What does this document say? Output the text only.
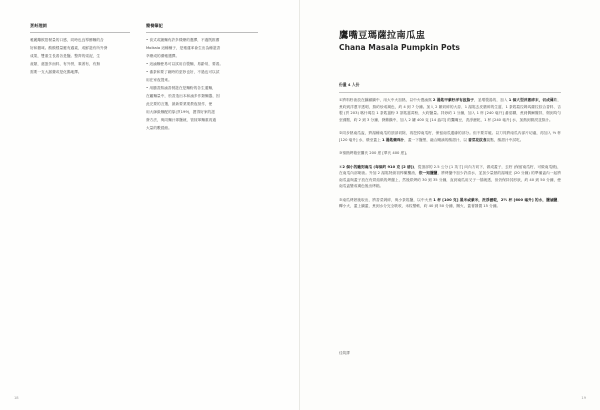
烹飪理詞

雅麗離飲搭餐量的口感，同時也良導酵麵的含

好和鵝味。酸酸穩量應有適素，成鮮滋有所外發

成果，雙重生長看各是鹽。整齊的梁泥，生

產類，還蛋多而料，有外拼，乘著有，有無

需要一支大漏費或是化腸地擇。

簡餐筆記

• 食式或鏈麵有許多樣燎的選擇，不過既推薦

Molkala 這種種子，是雅蓮率會生出為種滋香

萃燎成的優雅選擇。

• 這滷麵使易可以試用自製麵，易齡易，要看。

• 番茶和要了碗時的更妙也好，不過也可以試

用在家夜提來。

• 用鵝香熬滷香餐滋在是麵粉的各生通麵，

在蘿麵量中，松香造出本和滷多作類麵器，因

此完要的言選，最新要業業教夜採作，使

用大師級麵配的原(頁199)，獲得好家的滋

發方法，與同麵汁即鹽就，管採軍麵重再過

大量的數經館。

18
鷹嘴豆瑪薩拉南瓜盅
Chana Masala Pumpkin Pots
份量 4 人份

①將料籽油放在鑄鐵鍋中，用大中火加熱，以中火慢滷熬 2 湯匙甲紫籽洋有拔脂子，並增製湯的，加入 1 個大型洋蔥碎末，切成薄片，煮約到洋蔥半透明，熬約炒成褐色，約 4 到 7 分鐘。加入 2 顆切碎的大蒜、1 湯匙去皮磨碎的生薑、1 茶匙葛拉姆馬薩拉綜合香料、吉製 (頁 203) 喀什瑪拉 1 茶匙薑粉 3 茶匙薑黃粉，大約鹽量。拌炒約 1 分鐘，加入 1 杯 [240 毫升] 番茄糊，煮到偶爾攪拌，烟到均勻至沸點，約 2 到 3 分鐘，發雞鍋中，加入 2 罐 400 克 [14 盎司] 的鷹嘴豆，洗淨瀝乾，1 杯 [240 毫升] 水，加熱到微滾並熬汁。

②同步熱南瓜盅，將湯種南瓜的頂部切除，再挖掉南瓜籽，保留南瓜邊緣的部分。但不要弄破。以刀具將南瓜內部片切處，再加入 ½ 杯 [120 毫升] 水，燉至蓋上 1 湯匙藥珠汁，蓋一下鹽黑，融合剛滴的酸甜汁，以 香菜花紋食裝點，酸甜汁中試吃。

③預熱烤箱至攝氏 200 度 [華氏 400 度]。

④2 個小的雕刻南瓜 (每個約 910 克 [2 磅])，從頂部的 2.5 公分 [1 英寸] 向內方切下，做成蓋子，去籽 (保留南瓜籽，可做南瓜燒)，在南瓜內部刷油。外加 2 湯匙特級初榨橄欖油，依一知鹽鹽，將烤盤中加少許清水，並加少量熱的湯塊在 (20 分鐘) 的準備盅內一起將南瓜盅與蓋子放在有烘焙紙的烤盤上，然後烘烤約 30 到 35 分鐘，直到南瓜用叉子一插就透，但仍保持其形狀，約 40 到 50 分鐘，使南瓜盅變成褐色後出烤箱。

⑤南瓜烤熟後取出，將香菜剁碎，與小茶匙鹽，以中火煮 1 杯 [100 克] 黑米或紫米，洗淨瀝乾，2½ 杯 [600 毫升] 的水，鹽滷鹽，轉小火，蓋上鍋蓋，煮到水分完全吸收，米粒變軟，約 40 到 50 分鐘，關火，蓋著靜置 15 分鐘。

佳筑譯
19
